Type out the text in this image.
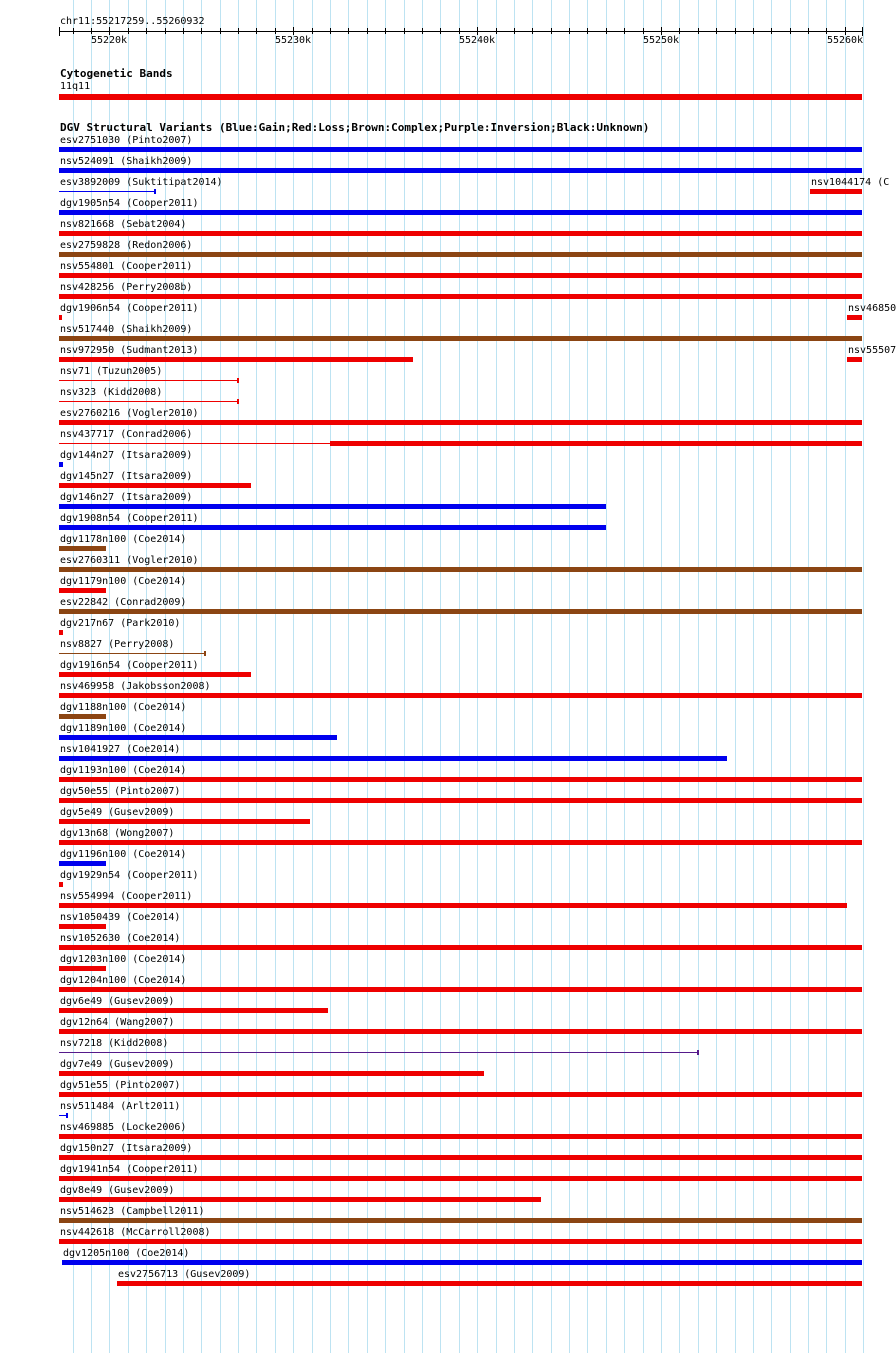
chr11:55217259..55260932
55220k	55230k	55240k	55250k	55260k
Cytogenetic Bands
11q11
DGV Structural Variants (Blue:Gain;Red:Loss;Brown:Complex;Purple:Inversion;Black:Unknown)
esv2751030 (Pinto2007)
nsv524091 (Shaikh2009)
esv3892009 (Suktitipat2014)	nsv1044174 (C
dgv1905n54 (Cooper2011)
nsv821668 (Sebat2004)
esv2759828 (Redon2006)
nsv554801 (Cooper2011)
nsv428256 (Perry2008b)
dgv1906n54 (Cooper2011)	nsv46850
nsv517440 (Shaikh2009)
nsv972950 (Sudmant2013)	nsv55507
nsv71 (Tuzun2005)
nsv323 (Kidd2008)
esv2760216 (Vogler2010)
nsv437717 (Conrad2006)
dgv144n27 (Itsara2009)
dgv145n27 (Itsara2009)
dgv146n27 (Itsara2009)
dgv1908n54 (Cooper2011)
dgv1178n100 (Coe2014)
esv2760311 (Vogler2010)
dgv1179n100 (Coe2014)
esv22842 (Conrad2009)
dgv217n67 (Park2010)
nsv8827 (Perry2008)
dgv1916n54 (Cooper2011)
nsv469958 (Jakobsson2008)
dgv1188n100 (Coe2014)
dgv1189n100 (Coe2014)
nsv1041927 (Coe2014)
dgv1193n100 (Coe2014)
dgv50e55 (Pinto2007)
dgv5e49 (Gusev2009)
dgv13n68 (Wong2007)
dgv1196n100 (Coe2014)
dgv1929n54 (Cooper2011)
nsv554994 (Cooper2011)
nsv1050439 (Coe2014)
nsv1052630 (Coe2014)
dgv1203n100 (Coe2014)
dgv1204n100 (Coe2014)
dgv6e49 (Gusev2009)
dgv12n64 (Wang2007)
nsv7218 (Kidd2008)
dgv7e49 (Gusev2009)
dgv51e55 (Pinto2007)
nsv511484 (Arlt2011)
nsv469885 (Locke2006)
dgv150n27 (Itsara2009)
dgv1941n54 (Cooper2011)
dgv8e49 (Gusev2009)
nsv514623 (Campbell2011)
nsv442618 (McCarroll2008)
dgv1205n100 (Coe2014)
esv2756713 (Gusev2009)
